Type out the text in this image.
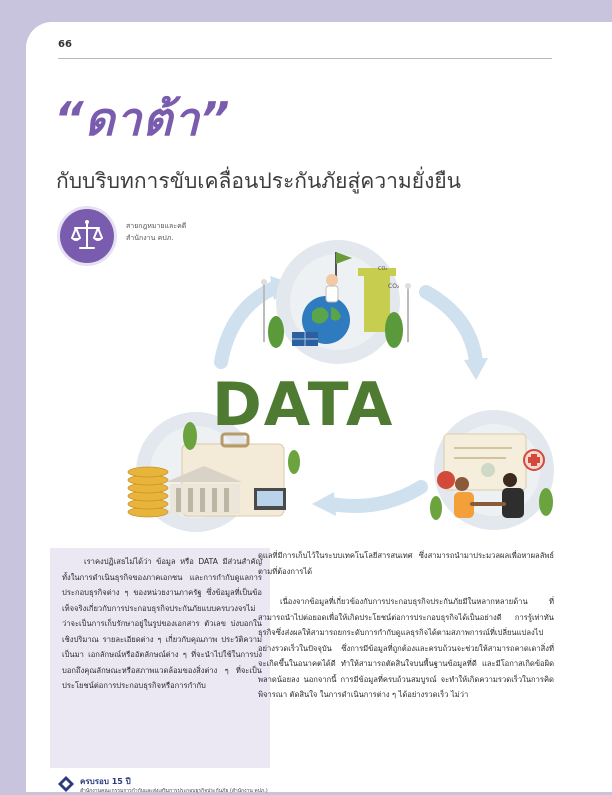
66
“ดาต้า”
กับบริบทการขับเคลื่อนประกันภัยสู่ความยั่งยืน
สายกฎหมายและคดี
สำนักงาน คปภ.
CO₂
CO₂
DATA

เราคงปฏิเสธไม่ได้ว่า ข้อมูล หรือ DATA มีส่วนสำคัญทั้งในการดำเนินธุรกิจของภาคเอกชน และการกำกับดูแลการประกอบธุรกิจต่าง ๆ ของหน่วยงานภาครัฐ ซึ่งข้อมูลที่เป็นข้อเท็จจริงเกี่ยวกับการประกอบธุรกิจประกันภัยแบบครบวงจรไม่ว่าจะเป็นการเก็บรักษาอยู่ในรูปของเอกสาร ตัวเลข บ่งบอกในเชิงปริมาณ รายละเอียดต่าง ๆ เกี่ยวกับคุณภาพ ประวัติความเป็นมา เอกลักษณ์หรืออัตลักษณ์ต่าง ๆ ที่จะนำไปใช้ในการบ่งบอกถึงคุณลักษณะหรือสภาพแวดล้อมของสิ่งต่าง ๆ ที่จะเป็นประโยชน์ต่อการประกอบธุรกิจหรือการกำกับ

ดูแลที่มีการเก็บไว้ในระบบเทคโนโลยีสารสนเทศ ซึ่งสามารถนำมาประมวลผลเพื่อหาผลลัพธ์ตามที่ต้องการได้

เนื่องจากข้อมูลที่เกี่ยวข้องกับการประกอบธุรกิจประกันภัยมีในหลากหลายด้าน ที่สามารถนำไปต่อยอดเพื่อให้เกิดประโยชน์ต่อการประกอบธุรกิจได้เป็นอย่างดี การรู้เท่าทันธุรกิจซึ่งส่งผลให้สามารถยกระดับการกำกับดูแลธุรกิจได้ตามสภาพการณ์ที่เปลี่ยนแปลงไปอย่างรวดเร็วในปัจจุบัน ซึ่งการมีข้อมูลที่ถูกต้องและครบถ้วนจะช่วยให้สามารถคาดเดาสิ่งที่จะเกิดขึ้นในอนาคตได้ดี ทำให้สามารถตัดสินใจบนพื้นฐานข้อมูลที่ดี และมีโอกาสเกิดข้อผิดพลาดน้อยลง นอกจากนี้ การมีข้อมูลที่ครบถ้วนสมบูรณ์ จะทำให้เกิดความรวดเร็วในการคิด พิจารณา ตัดสินใจ ในการดำเนินการต่าง ๆ ได้อย่างรวดเร็ว ไม่ว่า

ครบรอบ 15 ปี
สำนักงานคณะกรรมการกำกับและส่งเสริมการประกอบธุรกิจประกันภัย (สำนักงาน คปภ.)
